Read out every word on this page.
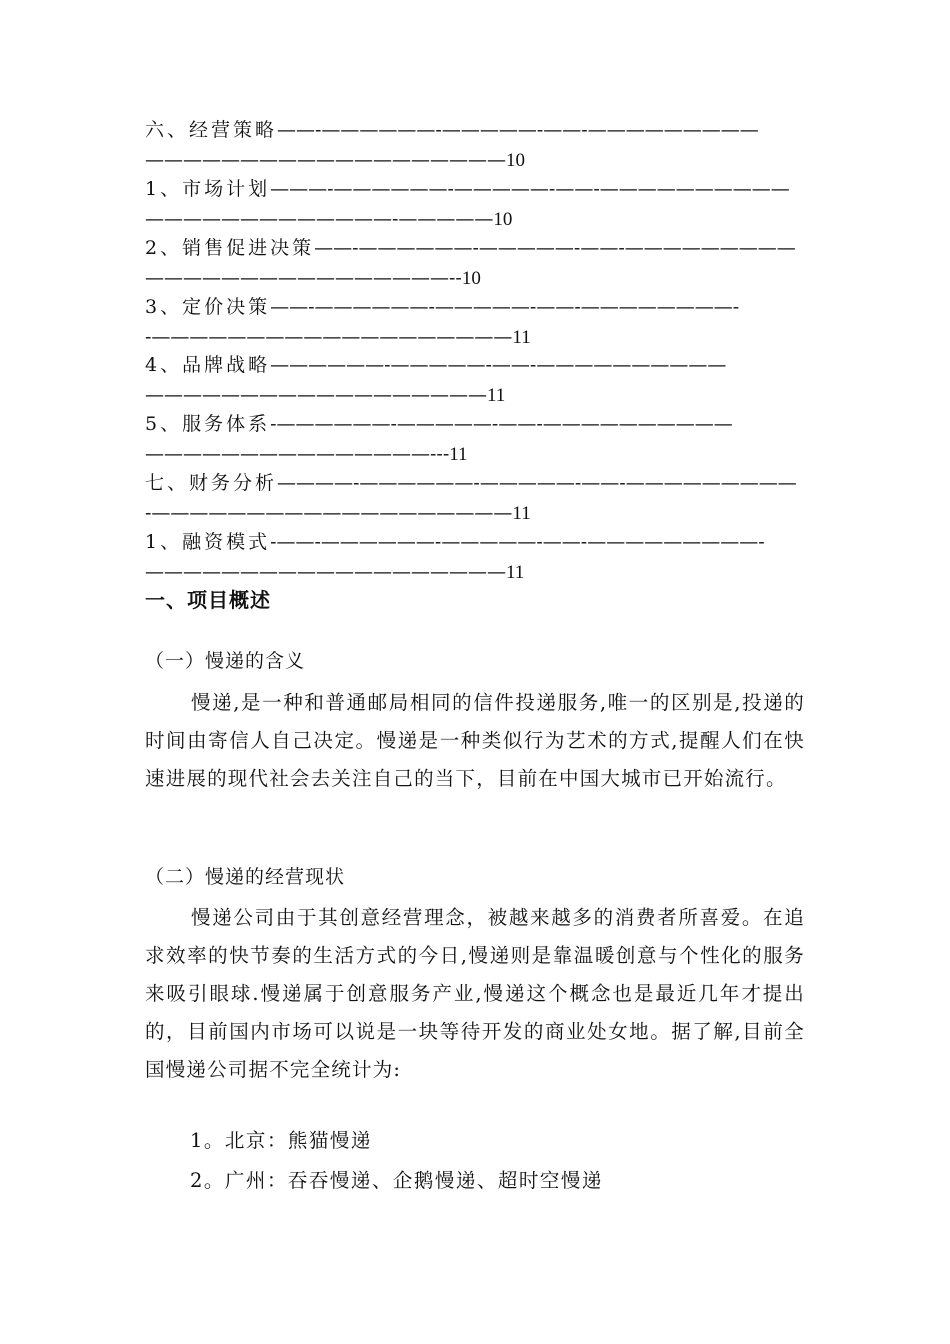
六、经营策略——-——————-—————-——-—————————
———————————————————10
1、市场计划———-——————-—————-——-——————————
—————————————-—————10
2、销售促进决策——-——————-—————-——-—————————
————————————————--10
3、定价决策——-——————-—————-——-————————-
-———————————————————11
4、品牌战略——————-—————-——-——————————
——————————————————11
5、服务体系-——————-—————-——-——————————
———————————————---11
七、财务分析————-——————-—————-——-—————————
-———————————————————11
1、融资模式-——-——————-—————-——-—————————-
———————————————————11
一、项目概述
（一）慢递的含义
慢递,是一种和普通邮局相同的信件投递服务,唯一的区别是,投递的时间由寄信人自己决定。慢递是一种类似行为艺术的方式,提醒人们在快速进展的现代社会去关注自己的当下，目前在中国大城市已开始流行。
（二）慢递的经营现状
慢递公司由于其创意经营理念，被越来越多的消费者所喜爱。在追求效率的快节奏的生活方式的今日,慢递则是靠温暖创意与个性化的服务来吸引眼球.慢递属于创意服务产业,慢递这个概念也是最近几年才提出的，目前国内市场可以说是一块等待开发的商业处女地。据了解,目前全国慢递公司据不完全统计为:
1。北京：熊猫慢递
2。广州：吞吞慢递、企鹅慢递、超时空慢递
